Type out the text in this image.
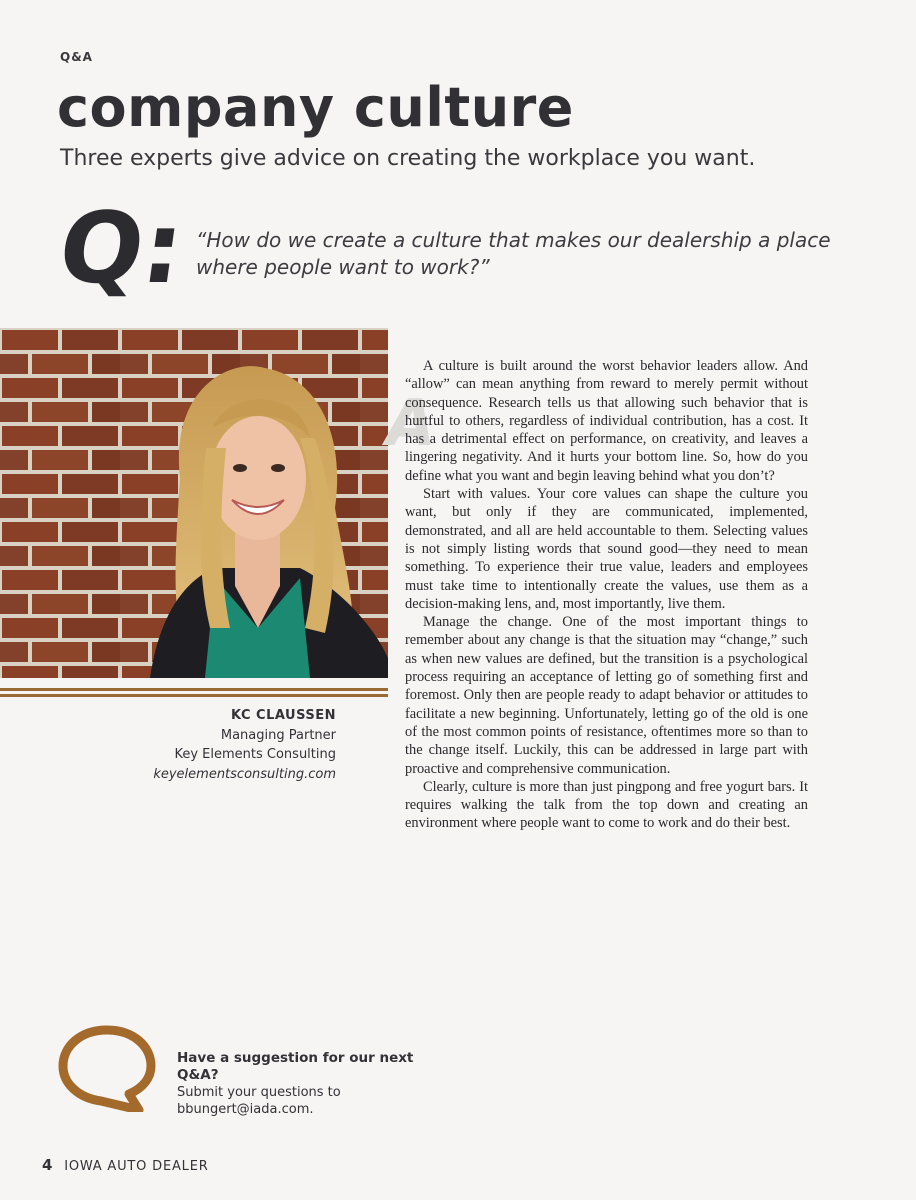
Q&A
company culture

Three experts give advice on creating the workplace you want.

Q: “How do we create a culture that makes our dealership a place where people want to work?”

KC CLAUSSEN
Managing Partner
Key Elements Consulting
keyelementsconsulting.com
A

A culture is built around the worst behavior leaders allow. And “allow” can mean anything from reward to merely permit without consequence. Research tells us that allowing such behavior that is hurtful to others, regardless of individual contribution, has a cost. It has a detrimental effect on performance, on creativity, and leaves a lingering negativity. And it hurts your bottom line. So, how do you define what you want and begin leaving behind what you don’t?

Start with values. Your core values can shape the culture you want, but only if they are communicated, implemented, demonstrated, and all are held accountable to them. Selecting values is not simply listing words that sound good—they need to mean something. To experience their true value, leaders and employees must take time to intentionally create the values, use them as a decision-making lens, and, most importantly, live them.

Manage the change. One of the most important things to remember about any change is that the situation may “change,” such as when new values are defined, but the transition is a psychological process requiring an acceptance of letting go of something first and foremost. Only then are people ready to adapt behavior or attitudes to facilitate a new beginning. Unfortunately, letting go of the old is one of the most common points of resistance, oftentimes more so than to the change itself. Luckily, this can be addressed in large part with proactive and comprehensive communication.

Clearly, culture is more than just pingpong and free yogurt bars. It requires walking the talk from the top down and creating an environment where people want to come to work and do their best.

Have a suggestion for our next Q&A?
Submit your questions to
bbungert@iada.com.
4 IOWA AUTO DEALER
